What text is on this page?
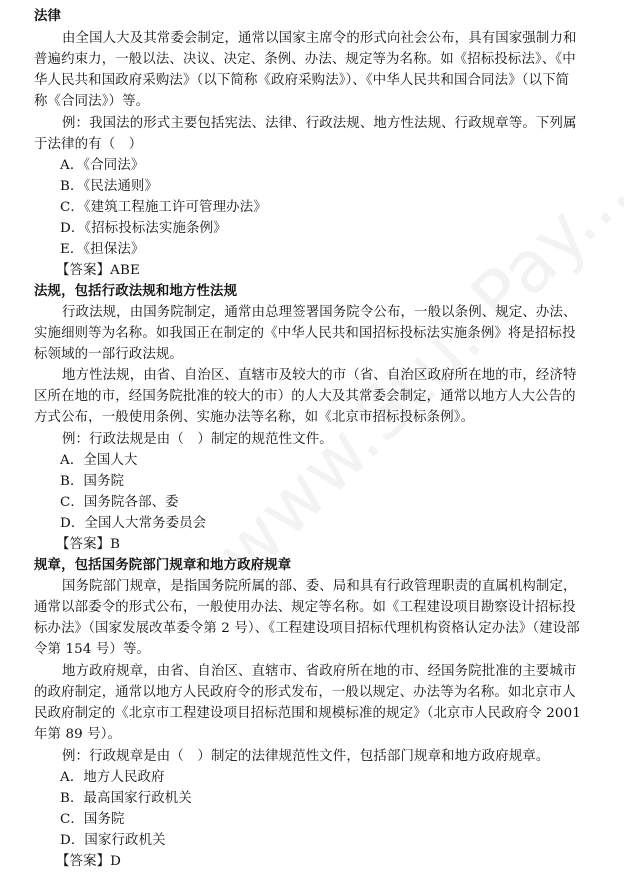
法律
由全国人大及其常委会制定，通常以国家主席令的形式向社会公布，具有国家强制力和
普遍约束力，一般以法、决议、决定、条例、办法、规定等为名称。如《招标投标法》、《中
华人民共和国政府采购法》（以下简称《政府采购法》）、《中华人民共和国合同法》（以下简
称《合同法》）等。
例：我国法的形式主要包括宪法、法律、行政法规、地方性法规、行政规章等。下列属
于法律的有（　）
A．《合同法》
B．《民法通则》
C．《建筑工程施工许可管理办法》
D．《招标投标法实施条例》
E．《担保法》
【答案】ABE
法规，包括行政法规和地方性法规
行政法规，由国务院制定，通常由总理签署国务院令公布，一般以条例、规定、办法、
实施细则等为名称。如我国正在制定的《中华人民共和国招标投标法实施条例》将是招标投
标领域的一部行政法规。
地方性法规，由省、自治区、直辖市及较大的市（省、自治区政府所在地的市，经济特
区所在地的市，经国务院批准的较大的市）的人大及其常委会制定，通常以地方人大公告的
方式公布，一般使用条例、实施办法等名称，如《北京市招标投标条例》。
例：行政法规是由（　）制定的规范性文件。
A．全国人大
B．国务院
C．国务院各部、委
D．全国人大常务委员会
【答案】B
规章，包括国务院部门规章和地方政府规章
国务院部门规章，是指国务院所属的部、委、局和具有行政管理职责的直属机构制定，
通常以部委令的形式公布，一般使用办法、规定等名称。如《工程建设项目勘察设计招标投
标办法》（国家发展改革委令第 2 号）、《工程建设项目招标代理机构资格认定办法》（建设部
令第 154 号）等。
地方政府规章，由省、自治区、直辖市、省政府所在地的市、经国务院批准的主要城市
的政府制定，通常以地方人民政府令的形式发布，一般以规定、办法等为名称。如北京市人
民政府制定的《北京市工程建设项目招标范围和规模标准的规定》（北京市人民政府令 2001
年第 89 号）。
例：行政规章是由（　）制定的法律规范性文件，包括部门规章和地方政府规章。
A．地方人民政府
B．最高国家行政机关
C．国务院
D．国家行政机关
【答案】D
